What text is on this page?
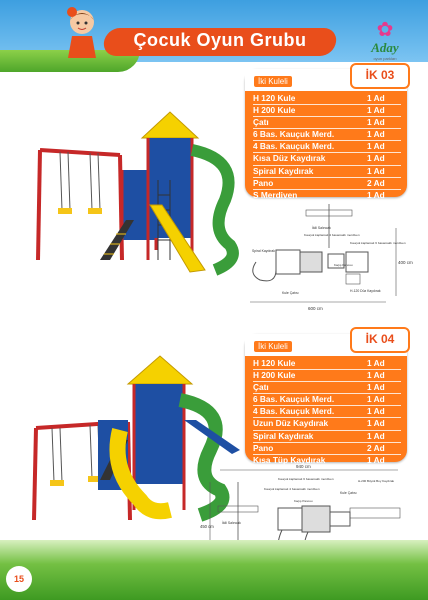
Çocuk Oyun Grubu	✿
Aday
oyun parkları
İki Kuleli
H 120 Kule	1 Ad
H 200 Kule	1 Ad
Çatı	1 Ad
6 Bas. Kauçuk Merd.	1 Ad
4 Bas. Kauçuk Merd.	1 Ad
Kısa Düz Kaydırak	1 Ad
Spiral Kaydırak	1 Ad
Pano	2 Ad
S Merdiven	1 Ad
İkili Salıncak	1 Ad
İK 03
İkili Salıncak
Kauçuk kaplamalı 4 basamaklı merdiven
Kauçuk kaplamalı 6 basamaklı merdiven
Spiral Kaydırak
Kule Çatısı	H-120 Düz Kaydırak
Kaçış Panosu
600 cm
400 cm
İki Kuleli
H 120 Kule	1 Ad
H 200 Kule	1 Ad
Çatı	1 Ad
6 Bas. Kauçuk Merd.	1 Ad
4 Bas. Kauçuk Merd.	1 Ad
Uzun Düz Kaydırak	1 Ad
Spiral Kaydırak	1 Ad
Pano	2 Ad
Kısa Tüp Kaydırak	1 Ad
İkili Salıncak	1 Ad
İK 04
940 cm
450 cm
Kauçuk kaplamalı 6 basamaklı merdiven
Kauçuk kaplamalı 4 basamaklı merdiven
Kaçış Panosu
H-200 Büyük Boy Kaydırak
Kule Çatısı
İkili Salıncak
15
